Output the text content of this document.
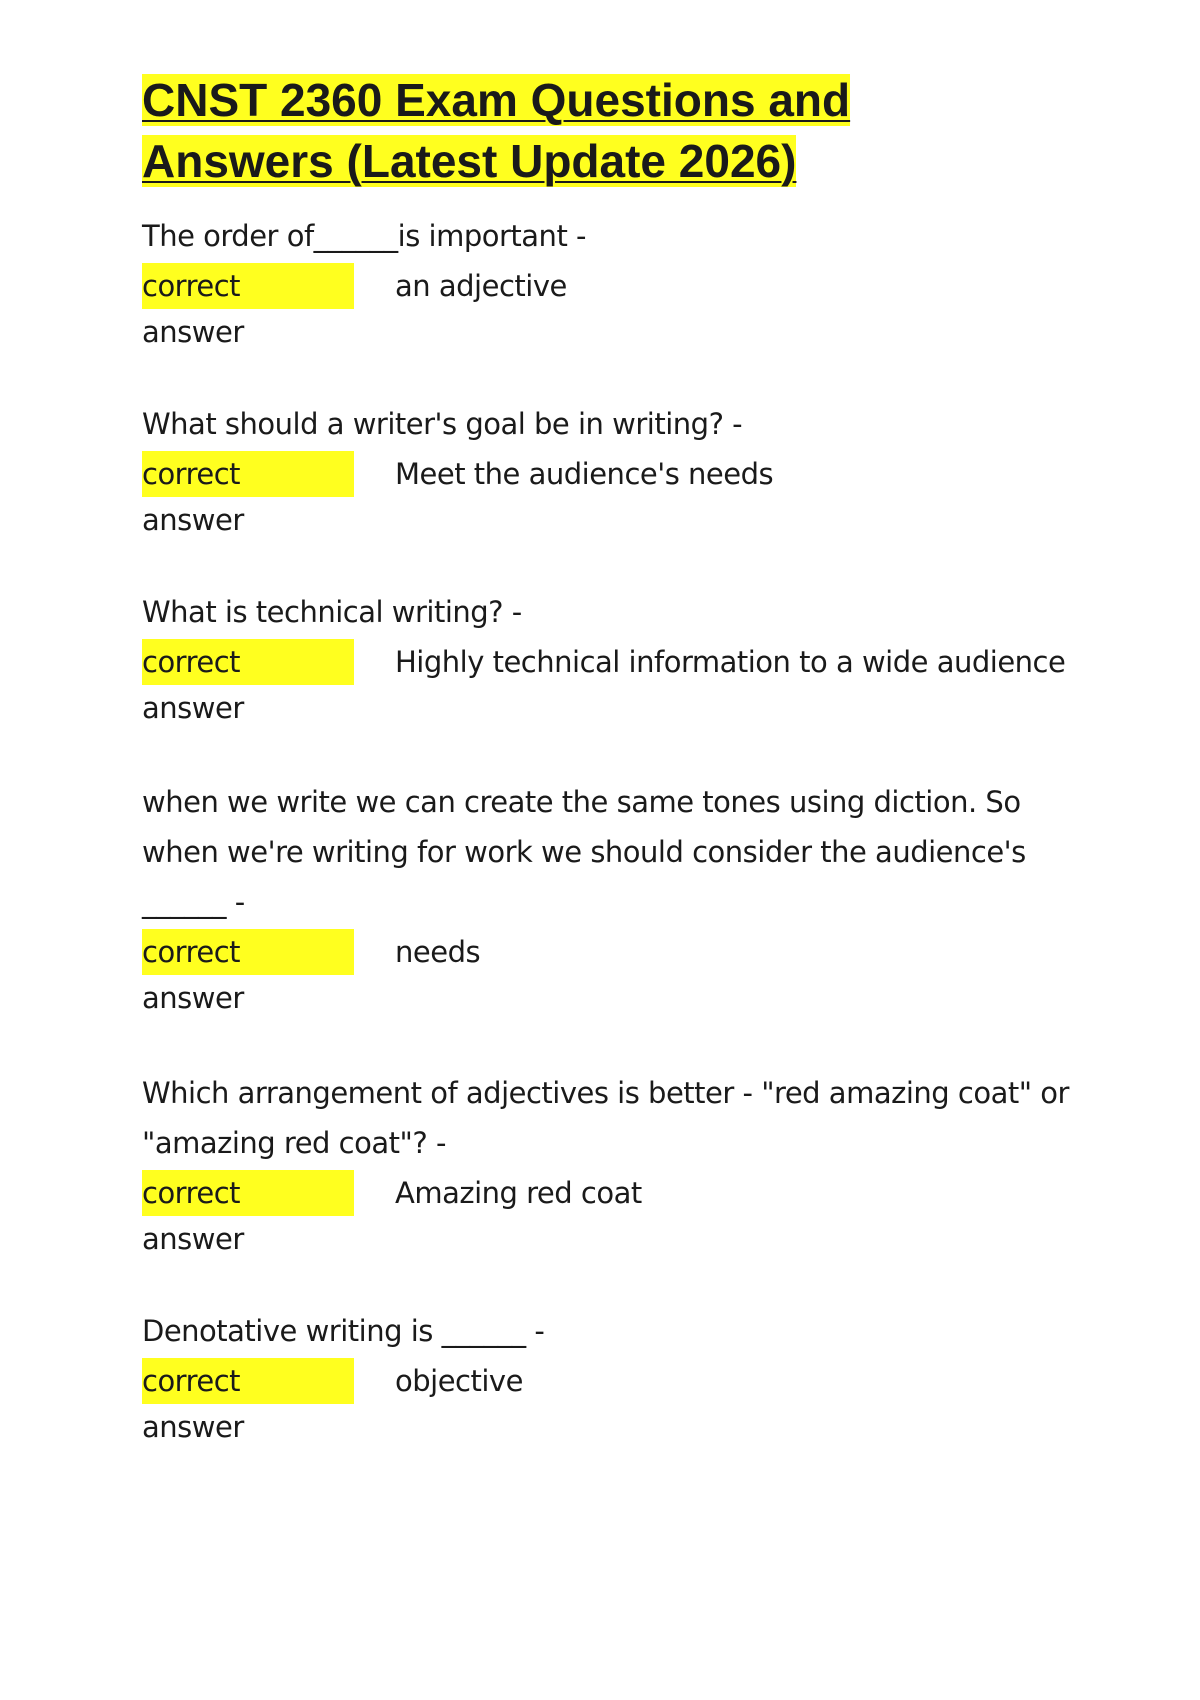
CNST 2360 Exam Questions and
Answers (Latest Update 2026)

The order of______is important -

correct answer
an adjective

What should a writer's goal be in writing? -

correct answer
Meet the audience's needs

What is technical writing? -

correct answer
Highly technical information to a wide audience

when we write we can create the same tones using diction. So

when we're writing for work we should consider the audience's

______ -

correct answer
needs

Which arrangement of adjectives is better - "red amazing coat" or

"amazing red coat"? -

correct answer
Amazing red coat

Denotative writing is ______ -

correct answer
objective
